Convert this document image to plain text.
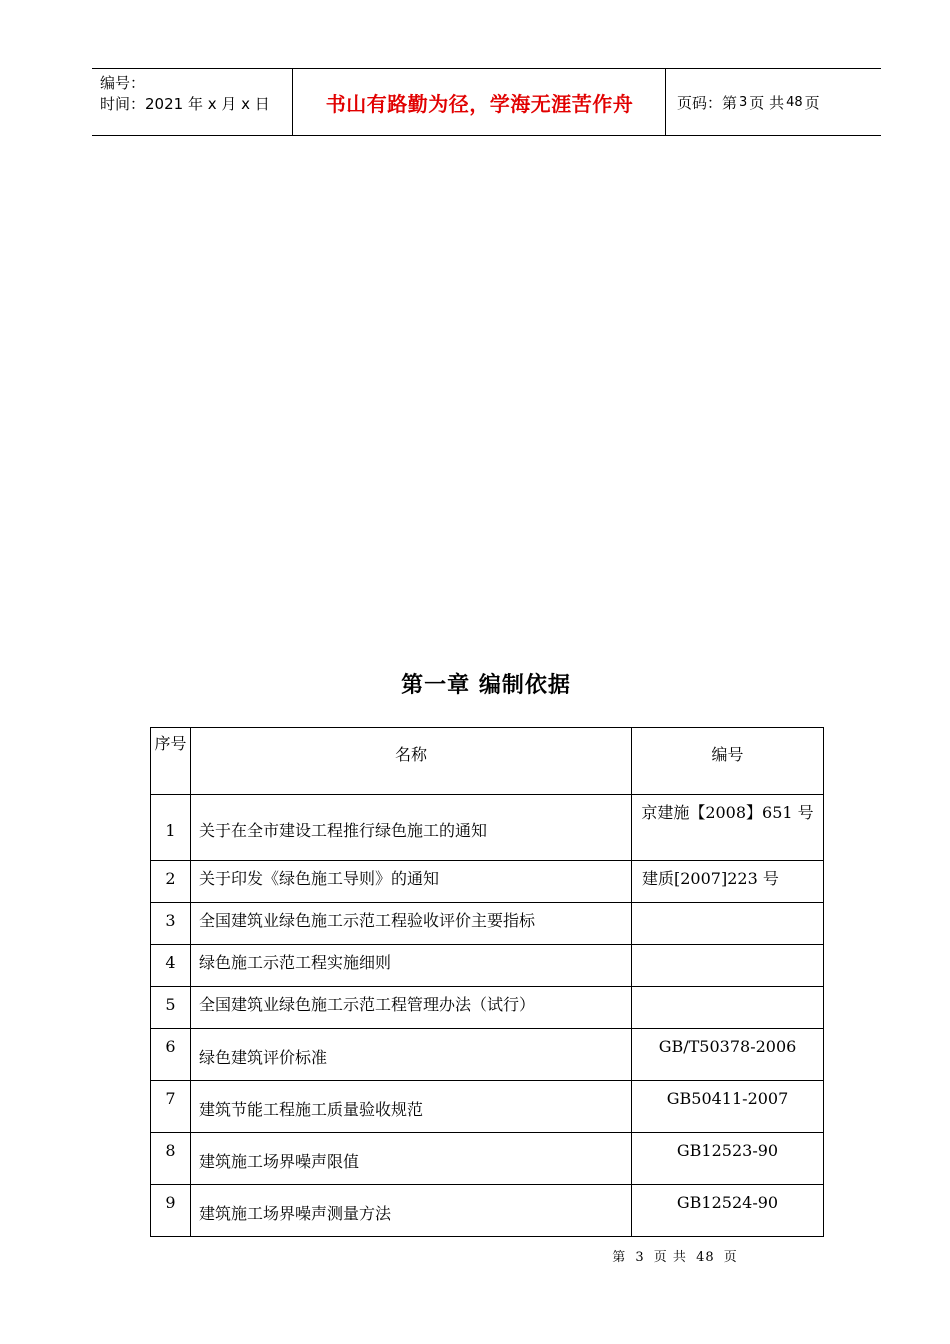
编号：
时间：2021 年 x 月 x 日	书山有路勤为径，学海无涯苦作舟	页码：第 3 页 共 48 页
第一章 编制依据
序号	名称	编号
1	关于在全市建设工程推行绿色施工的通知	京建施【2008】651 号
2	关于印发《绿色施工导则》的通知	建质[2007]223 号
3	全国建筑业绿色施工示范工程验收评价主要指标	
4	绿色施工示范工程实施细则	
5	全国建筑业绿色施工示范工程管理办法（试行）	
6	绿色建筑评价标准	GB/T50378-2006
7	建筑节能工程施工质量验收规范	GB50411-2007
8	建筑施工场界噪声限值	GB12523-90
9	建筑施工场界噪声测量方法	GB12524-90
第 3 页 共 48 页
